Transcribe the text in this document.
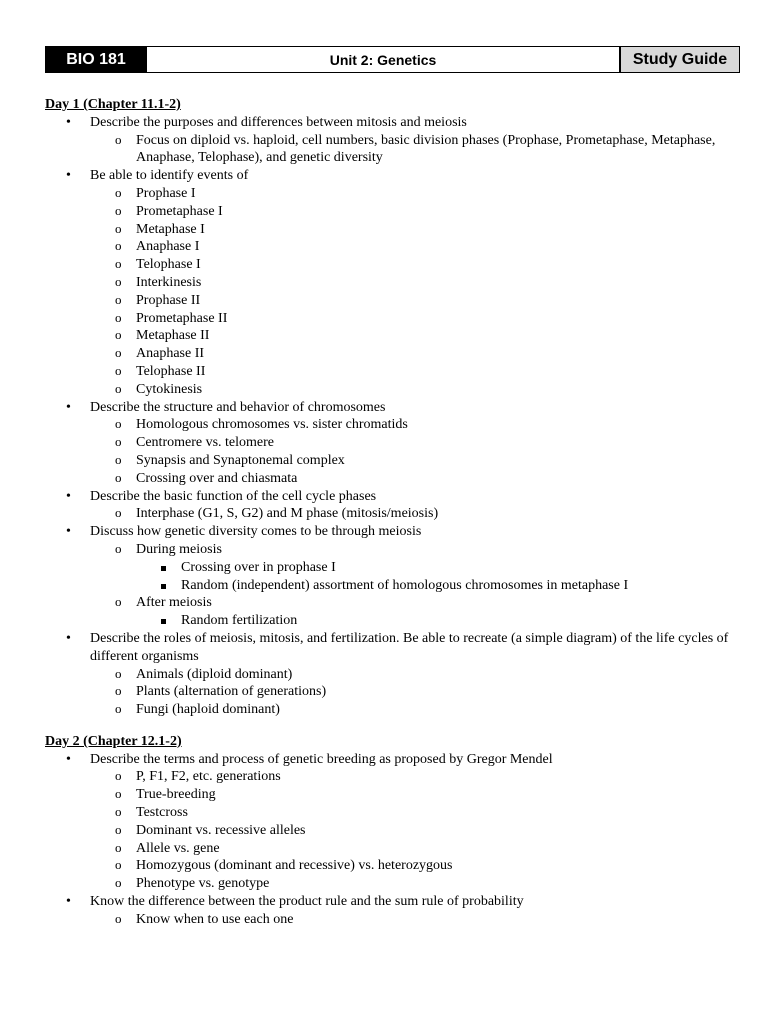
BIO 181	Unit 2: Genetics	Study Guide

Day 1 (Chapter 11.1-2)

• Describe the purposes and differences between mitosis and meiosis
o Focus on diploid vs. haploid, cell numbers, basic division phases (Prophase, Prometaphase, Metaphase, Anaphase, Telophase), and genetic diversity
• Be able to identify events of
o Prophase I
o Prometaphase I
o Metaphase I
o Anaphase I
o Telophase I
o Interkinesis
o Prophase II
o Prometaphase II
o Metaphase II
o Anaphase II
o Telophase II
o Cytokinesis
• Describe the structure and behavior of chromosomes
o Homologous chromosomes vs. sister chromatids
o Centromere vs. telomere
o Synapsis and Synaptonemal complex
o Crossing over and chiasmata
• Describe the basic function of the cell cycle phases
o Interphase (G1, S, G2) and M phase (mitosis/meiosis)
• Discuss how genetic diversity comes to be through meiosis
o During meiosis
Crossing over in prophase I
Random (independent) assortment of homologous chromosomes in metaphase I
o After meiosis
Random fertilization
• Describe the roles of meiosis, mitosis, and fertilization. Be able to recreate (a simple diagram) of the life cycles of different organisms
o Animals (diploid dominant)
o Plants (alternation of generations)
o Fungi (haploid dominant)

Day 2 (Chapter 12.1-2)

• Describe the terms and process of genetic breeding as proposed by Gregor Mendel
o P, F1, F2, etc. generations
o True-breeding
o Testcross
o Dominant vs. recessive alleles
o Allele vs. gene
o Homozygous (dominant and recessive) vs. heterozygous
o Phenotype vs. genotype
• Know the difference between the product rule and the sum rule of probability
o Know when to use each one
